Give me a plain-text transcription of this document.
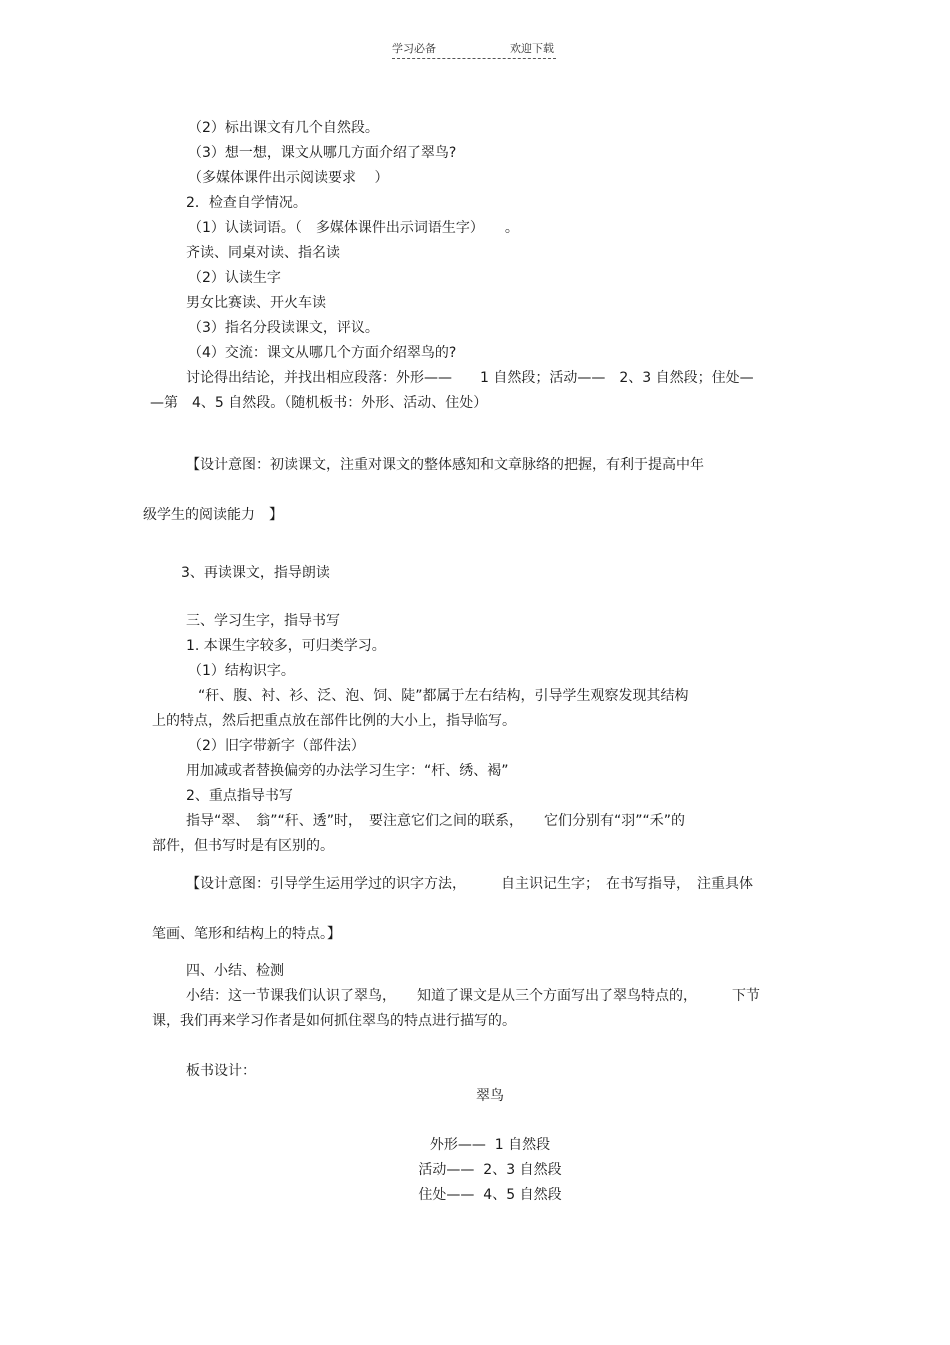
学习必备	欢迎下载
（2）标出课文有几个自然段。
（3）想一想，课文从哪几方面介绍了翠鸟?
（多媒体课件出示阅读要求　 ）
2．检查自学情况。
（1）认读词语。（　多媒体课件出示词语生字）　　。
齐读、同桌对读、指名读
（2）认读生字
男女比赛读、开火车读
（3）指名分段读课文，评议。
（4）交流：课文从哪几个方面介绍翠鸟的?
讨论得出结论，并找出相应段落：外形——　　1 自然段；活动——　2、3 自然段；住处—
—第　4、5 自然段。（随机板书：外形、活动、住处）
【设计意图：初读课文，注重对课文的整体感知和文章脉络的把握，有利于提高中年
级学生的阅读能力　】
3、再读课文，指导朗读
三、学习生字，指导书写
1. 本课生字较多，可归类学习。
（1）结构识字。
“秆、腹、衬、衫、泛、泡、饲、陡”都属于左右结构，引导学生观察发现其结构
上的特点，然后把重点放在部件比例的大小上，指导临写。
（2）旧字带新字（部件法）
用加减或者替换偏旁的办法学习生字：“杆、绣、褐”
2、重点指导书写
指导“翠、　翁”“秆、透”时，　要注意它们之间的联系，　　它们分别有“羽”“禾”的
部件，但书写时是有区别的。
【设计意图：引导学生运用学过的识字方法，　　　自主识记生字；　在书写指导，　注重具体
笔画、笔形和结构上的特点。】
四、小结、检测
小结：这一节课我们认识了翠鸟，　　知道了课文是从三个方面写出了翠鸟特点的，　　　下节
课，我们再来学习作者是如何抓住翠鸟的特点进行描写的。
板书设计：
翠鸟
外形——  1 自然段
活动——  2、3 自然段
住处——  4、5 自然段
